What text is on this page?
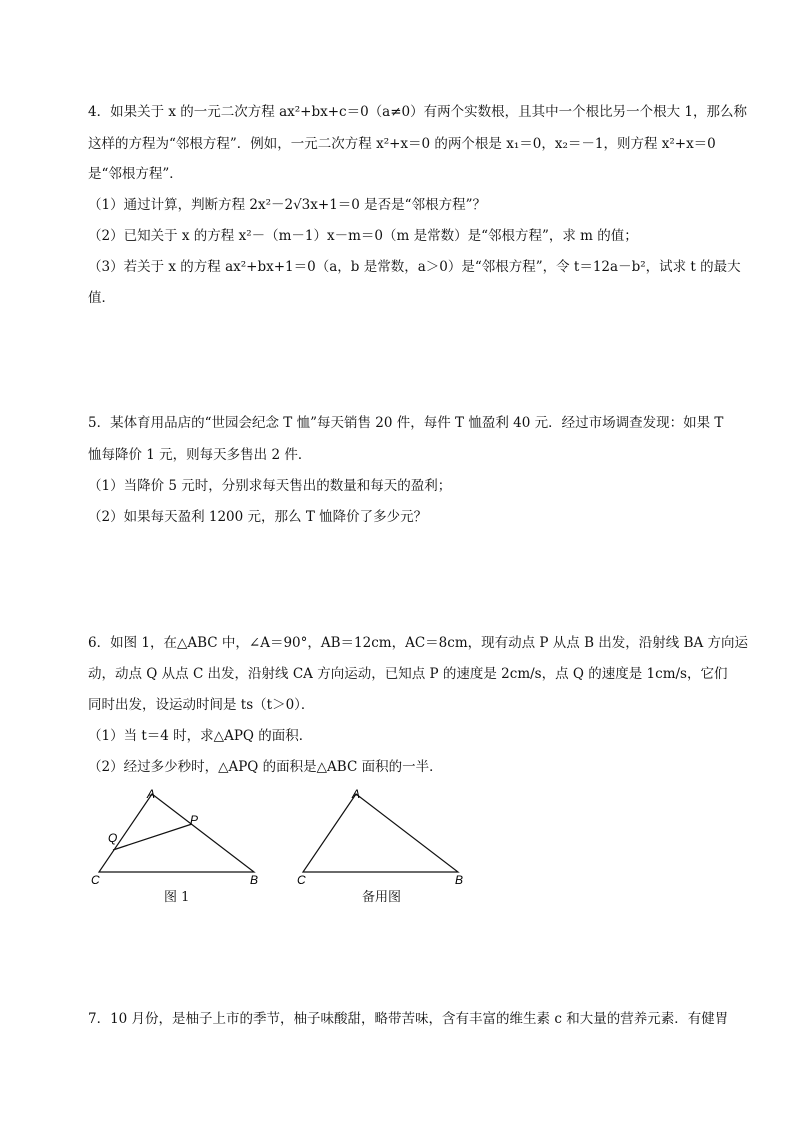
4．如果关于 x 的一元二次方程 ax²+bx+c＝0（a≠0）有两个实数根，且其中一个根比另一个根大 1，那么称
这样的方程为“邻根方程”．例如，一元二次方程 x²+x＝0 的两个根是 x₁＝0，x₂＝－1，则方程 x²+x＝0
是“邻根方程”．
（1）通过计算，判断方程 2x²－2√3x+1＝0 是否是“邻根方程”？
（2）已知关于 x 的方程 x²－（m－1）x－m＝0（m 是常数）是“邻根方程”，求 m 的值；
（3）若关于 x 的方程 ax²+bx+1＝0（a，b 是常数，a＞0）是“邻根方程”，令 t＝12a－b²，试求 t 的最大
值．
5．某体育用品店的“世园会纪念 T 恤”每天销售 20 件，每件 T 恤盈利 40 元．经过市场调查发现：如果 T
恤每降价 1 元，则每天多售出 2 件．
（1）当降价 5 元时，分别求每天售出的数量和每天的盈利；
（2）如果每天盈利 1200 元，那么 T 恤降价了多少元？
6．如图 1，在△ABC 中，∠A＝90°，AB＝12cm，AC＝8cm，现有动点 P 从点 B 出发，沿射线 BA 方向运
动，动点 Q 从点 C 出发，沿射线 CA 方向运动，已知点 P 的速度是 2cm/s，点 Q 的速度是 1cm/s，它们
同时出发，设运动时间是 ts（t＞0）．
（1）当 t＝4 时，求△APQ 的面积．
（2）经过多少秒时，△APQ 的面积是△ABC 面积的一半．
A
P
Q
C	B
A
C	B
图 1	备用图
7．10 月份，是柚子上市的季节，柚子味酸甜，略带苦味，含有丰富的维生素 c 和大量的营养元素．有健胃
